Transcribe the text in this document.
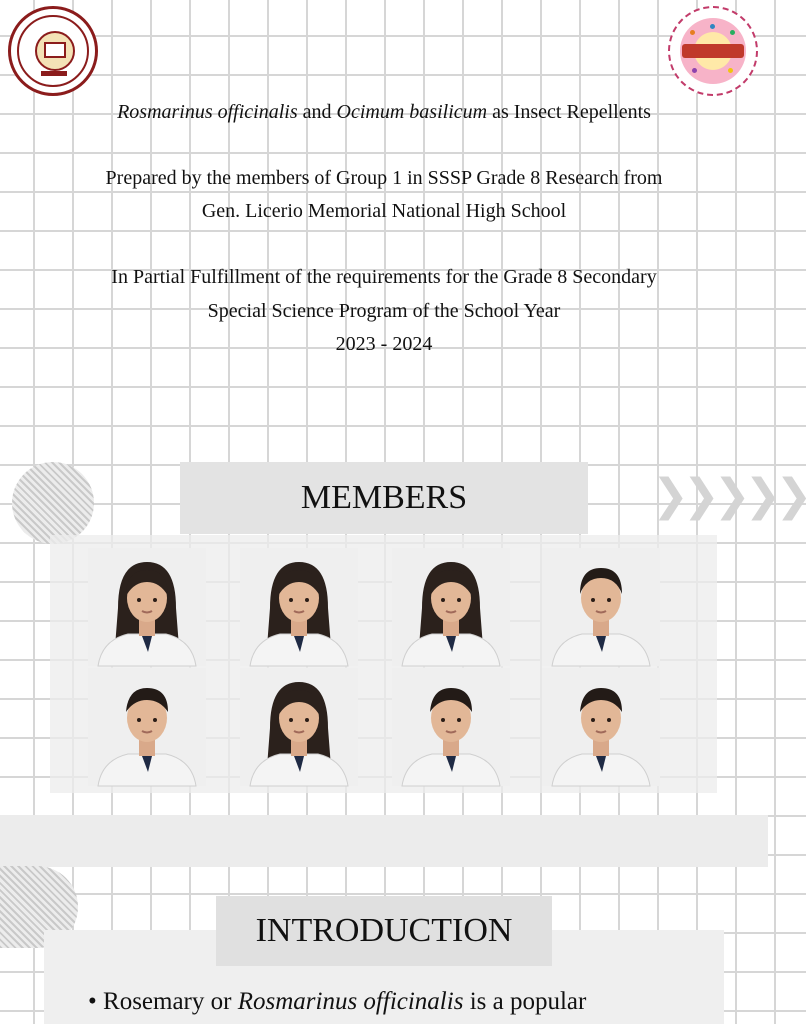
Rosmarinus officinalis and Ocimum basilicum as Insect Repellents
Prepared by the members of Group 1 in SSSP Grade 8 Research from
Gen. Licerio Memorial National High School
In Partial Fulfillment of the requirements for the Grade 8 Secondary
Special Science Program of the School Year
2023 - 2024
❯❯❯❯❯
MEMBERS
INTRODUCTION
• Rosemary or Rosmarinus officinalis is a popular
